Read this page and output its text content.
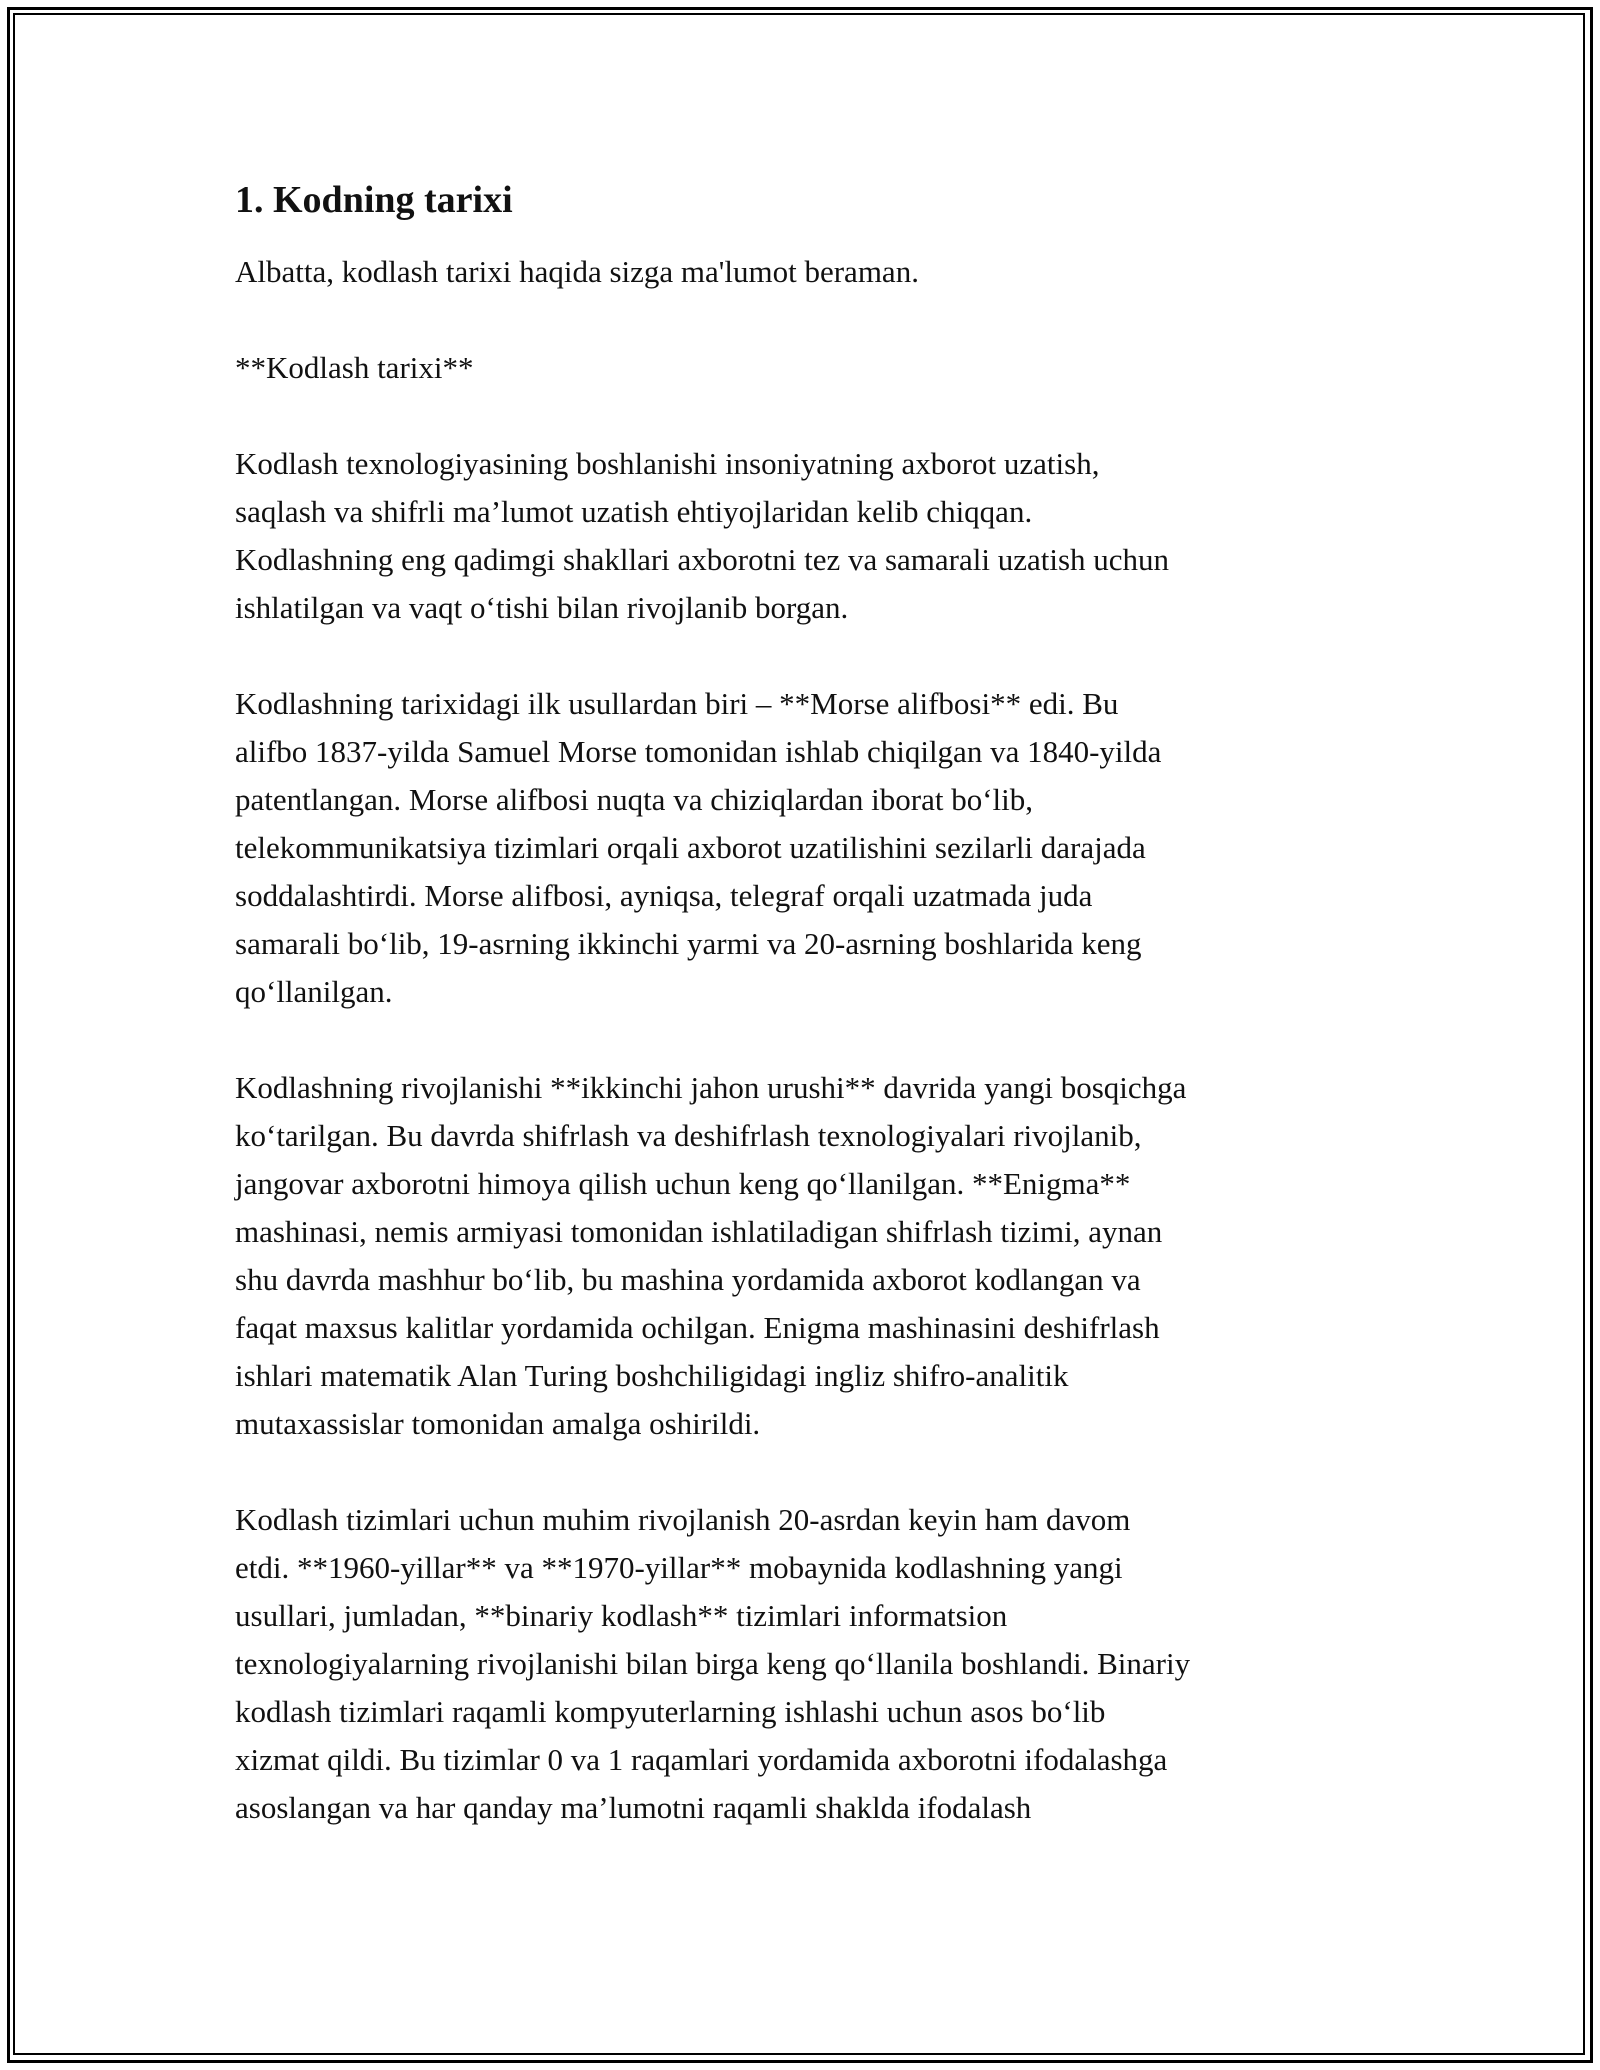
1. Kodning tarixi

Albatta, kodlash tarixi haqida sizga ma'lumot beraman.

**Kodlash tarixi**

Kodlash texnologiyasining boshlanishi insoniyatning axborot uzatish,
saqlash va shifrli ma’lumot uzatish ehtiyojlaridan kelib chiqqan.
Kodlashning eng qadimgi shakllari axborotni tez va samarali uzatish uchun
ishlatilgan va vaqt o‘tishi bilan rivojlanib borgan.
Kodlashning tarixidagi ilk usullardan biri – **Morse alifbosi** edi. Bu
alifbo 1837-yilda Samuel Morse tomonidan ishlab chiqilgan va 1840-yilda
patentlangan. Morse alifbosi nuqta va chiziqlardan iborat bo‘lib,
telekommunikatsiya tizimlari orqali axborot uzatilishini sezilarli darajada
soddalashtirdi. Morse alifbosi, ayniqsa, telegraf orqali uzatmada juda
samarali bo‘lib, 19-asrning ikkinchi yarmi va 20-asrning boshlarida keng
qo‘llanilgan.
Kodlashning rivojlanishi **ikkinchi jahon urushi** davrida yangi bosqichga
ko‘tarilgan. Bu davrda shifrlash va deshifrlash texnologiyalari rivojlanib,
jangovar axborotni himoya qilish uchun keng qo‘llanilgan. **Enigma**
mashinasi, nemis armiyasi tomonidan ishlatiladigan shifrlash tizimi, aynan
shu davrda mashhur bo‘lib, bu mashina yordamida axborot kodlangan va
faqat maxsus kalitlar yordamida ochilgan. Enigma mashinasini deshifrlash
ishlari matematik Alan Turing boshchiligidagi ingliz shifro-analitik
mutaxassislar tomonidan amalga oshirildi.
Kodlash tizimlari uchun muhim rivojlanish 20-asrdan keyin ham davom
etdi. **1960-yillar** va **1970-yillar** mobaynida kodlashning yangi
usullari, jumladan, **binariy kodlash** tizimlari informatsion
texnologiyalarning rivojlanishi bilan birga keng qo‘llanila boshlandi. Binariy
kodlash tizimlari raqamli kompyuterlarning ishlashi uchun asos bo‘lib
xizmat qildi. Bu tizimlar 0 va 1 raqamlari yordamida axborotni ifodalashga
asoslangan va har qanday ma’lumotni raqamli shaklda ifodalash
